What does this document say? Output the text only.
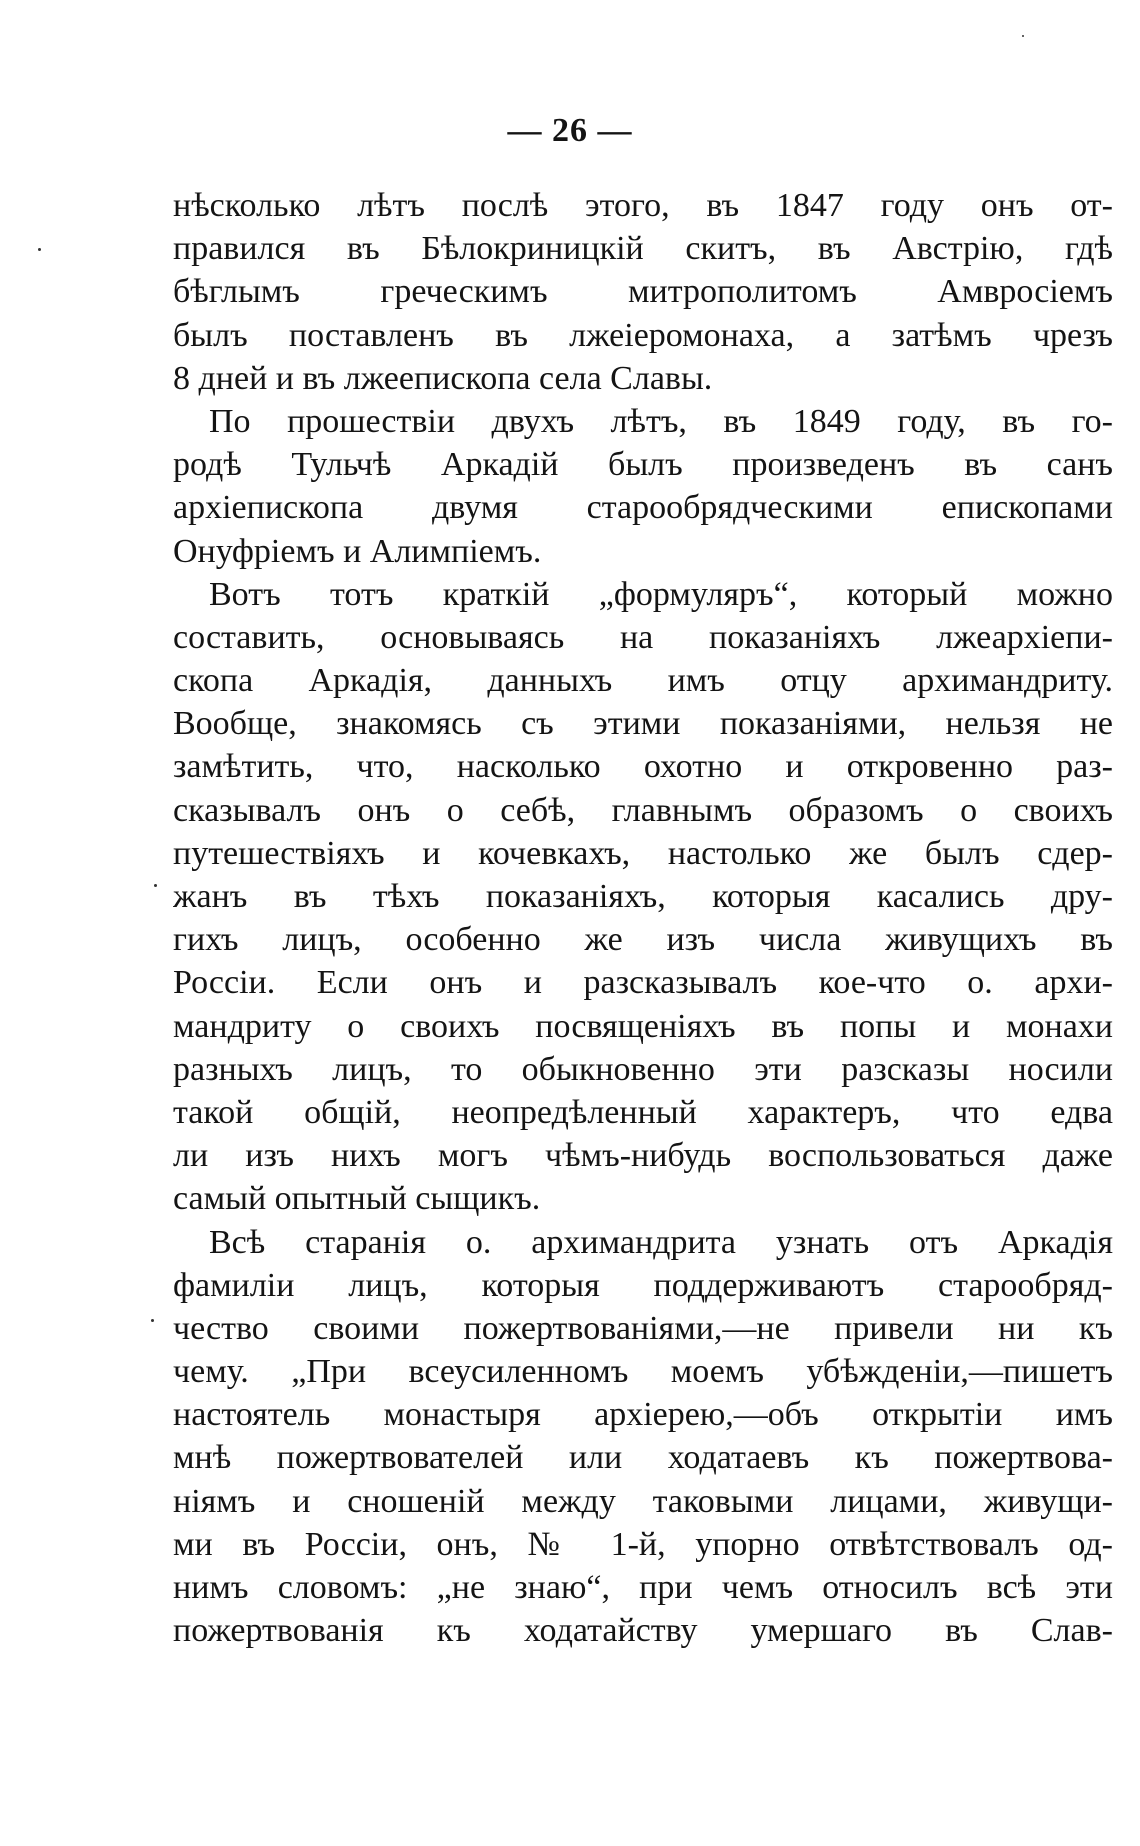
— 26 —
нѣсколько лѣтъ послѣ этого, въ 1847 году онъ от-
правился въ Бѣлокриницкій скитъ, въ Австрію, гдѣ
бѣглымъ греческимъ митрополитомъ Амвросіемъ
былъ поставленъ въ лжеіеромонаха, а затѣмъ чрезъ
8 дней и въ лжеепископа села Славы.
По прошествіи двухъ лѣтъ, въ 1849 году, въ го-
родѣ Тульчѣ Аркадій былъ произведенъ въ санъ
архіепископа двумя старообрядческими епископами
Онуфріемъ и Алимпіемъ.
Вотъ тотъ краткій „формуляръ“, который можно
составить, основываясь на показаніяхъ лжеархіепи-
скопа Аркадія, данныхъ имъ отцу архимандриту.
Вообще, знакомясь съ этими показаніями, нельзя не
замѣтить, что, насколько охотно и откровенно раз-
сказывалъ онъ о себѣ, главнымъ образомъ о своихъ
путешествіяхъ и кочевкахъ, настолько же былъ сдер-
жанъ въ тѣхъ показаніяхъ, которыя касались дру-
гихъ лицъ, особенно же изъ числа живущихъ въ
Россіи. Если онъ и разсказывалъ кое-что о. архи-
мандриту о своихъ посвященіяхъ въ попы и монахи
разныхъ лицъ, то обыкновенно эти разсказы носили
такой общій, неопредѣленный характеръ, что едва
ли изъ нихъ могъ чѣмъ-нибудь воспользоваться даже
самый опытный сыщикъ.
Всѣ старанія о. архимандрита узнать отъ Аркадія
фамиліи лицъ, которыя поддерживаютъ старообряд-
чество своими пожертвованіями,—не привели ни къ
чему. „При всеусиленномъ моемъ убѣжденіи,—пишетъ
настоятель монастыря архіерею,—объ открытіи имъ
мнѣ пожертвователей или ходатаевъ къ пожертвова-
ніямъ и сношеній между таковыми лицами, живущи-
ми въ Россіи, онъ, № 1-й, упорно отвѣтствовалъ од-
нимъ словомъ: „не знаю“, при чемъ относилъ всѣ эти
пожертвованія къ ходатайству умершаго въ Слав-
